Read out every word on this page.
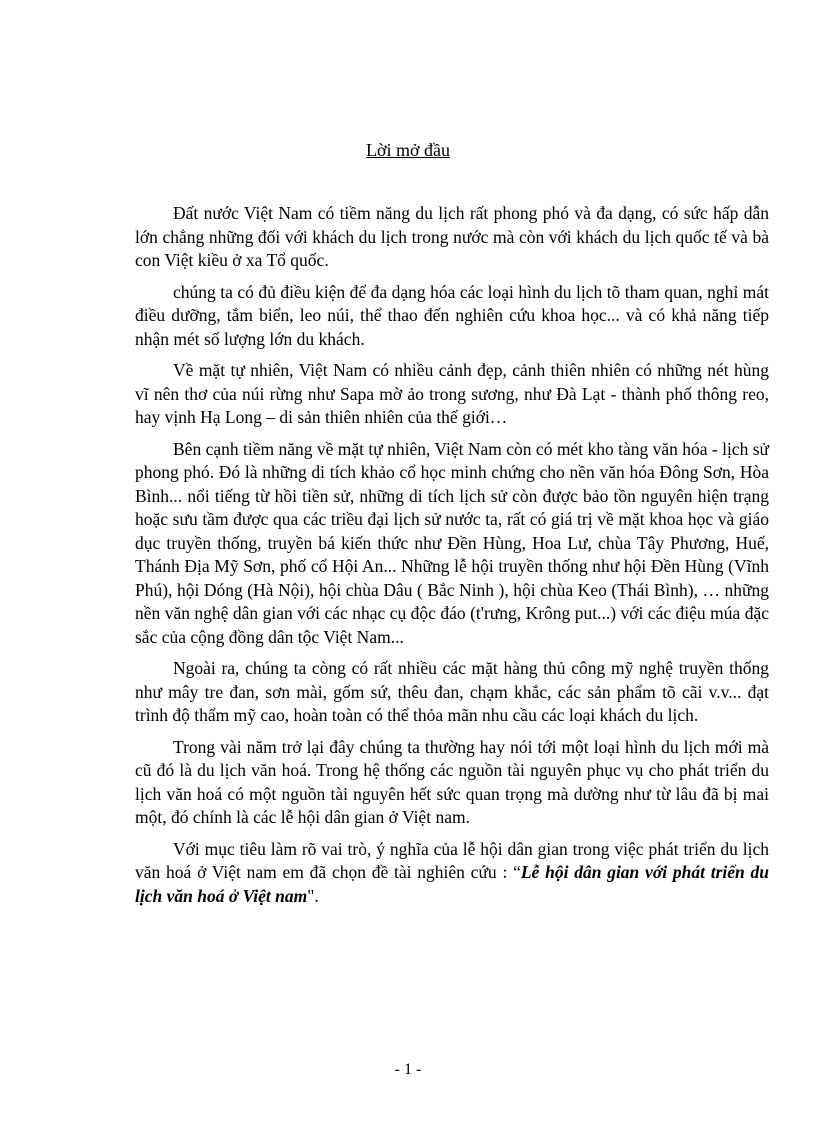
Lời mở đầu

Đất nước Việt Nam có tiềm năng du lịch rất phong phó và đa dạng, có sức hấp dẫn lớn chẳng những đối với khách du lịch trong nước mà còn với khách du lịch quốc tế và bà con Việt kiều ở xa Tổ quốc.

chúng ta có đủ điều kiện để đa dạng hóa các loại hình du lịch tõ tham quan, nghỉ mát điều dưỡng, tắm biển, leo núi, thể thao đến nghiên cứu khoa học... và có khả năng tiếp nhận mét số lượng lớn du khách.

Về mặt tự nhiên, Việt Nam có nhiều cảnh đẹp, cảnh thiên nhiên có những nét hùng vĩ nên thơ của núi rừng như Sapa mờ ảo trong sương, như Đà Lạt - thành phố thông reo, hay vịnh Hạ Long – di sản thiên nhiên của thế giới…

Bên cạnh tiềm năng về mặt tự nhiên, Việt Nam còn có mét kho tàng văn hóa - lịch sử phong phó. Đó là những di tích khảo cổ học minh chứng cho nền văn hóa Đông Sơn, Hòa Bình... nổi tiếng từ hồi tiền sử, những di tích lịch sử còn được bảo tồn nguyên hiện trạng hoặc sưu tầm được qua các triều đại lịch sử nước ta, rất có giá trị về mặt khoa học và giáo dục truyền thống, truyền bá kiến thức như Đền Hùng, Hoa Lư, chùa Tây Phương, Huế, Thánh Địa Mỹ Sơn, phố cổ Hội An... Những lễ hội truyền thống như hội Đền Hùng (Vĩnh Phú), hội Dóng (Hà Nội), hội chùa Dâu ( Bắc Ninh ), hội chùa Keo (Thái Bình), … những nền văn nghệ dân gian với các nhạc cụ độc đáo (t'rưng, Krông put...) với các điệu múa đặc sắc của cộng đồng dân tộc Việt Nam...

Ngoài ra, chúng ta còng có rất nhiều các mặt hàng thủ công mỹ nghệ truyền thống như mây tre đan, sơn mài, gốm sứ, thêu đan, chạm khắc, các sản phẩm tõ cãi v.v... đạt trình độ thẩm mỹ cao, hoàn toàn có thể thỏa mãn nhu cầu các loại khách du lịch.

Trong vài năm trở lại đây chúng ta thường hay nói tới một loại hình du lịch mới mà cũ đó là du lịch văn hoá. Trong hệ thống các nguồn tài nguyên phục vụ cho phát triển du lịch văn hoá có một nguồn tài nguyên hết sức quan trọng mà dường như từ lâu đã bị mai một, đó chính là các lễ hội dân gian ở Việt nam.

Với mục tiêu làm rõ vai trò, ý nghĩa của lễ hội dân gian trong việc phát triển du lịch văn hoá ở Việt nam em đã chọn đề tài nghiên cứu : “Lễ hội dân gian với phát triển du lịch văn hoá ở Việt nam".

- 1 -
